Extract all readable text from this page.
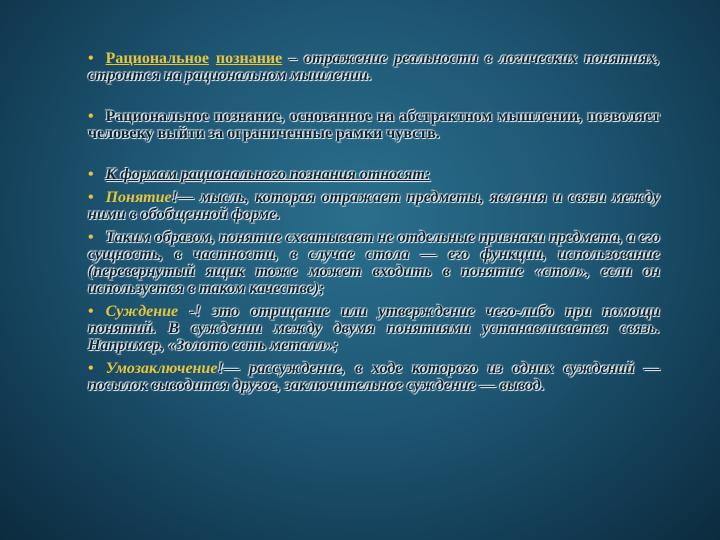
• Рациональное познание – отражение реальности в логических понятиях, строится на рациональном мышлении.

• Рациональное познание, основанное на абстрактном мышлении, позволяет человеку выйти за ограниченные рамки чувств.

• К формам рационального познания относят:

• Понятие!— мысль, которая отражает предметы, явления и связи между ними в обобщенной форме.

• Таким образом, понятие схватывает не отдельные признаки предмета, а его сущность, в частности, в случае стола — его функции, использование (перевернутый ящик тоже может входить в понятие «стол», если он используется в таком качестве);

• Суждение -! это отрицание или утверждение чего-либо при помощи понятий. В суждении между двумя понятиями устанавливается связь. Например, «Золото есть металл»;

• Умозаключение!— рассуждение, в ходе которого из одних суждений — посылок выводится другое, заключительное суждение — вывод.
